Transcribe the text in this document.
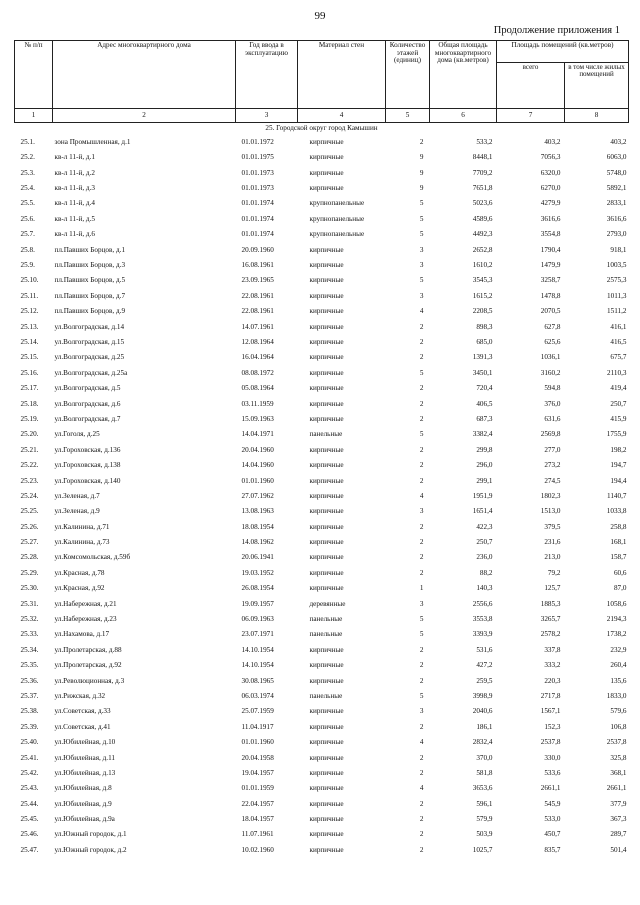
99
Продолжение приложения 1
№ п/п	Адрес многоквартирного дома	Год ввода в эксплуатацию	Материал стен	Количество этажей (единиц)	Общая площадь многоквартирного дома (кв.метров)	Площадь помещений (кв.метров)	
						всего	в том числе жилых помещений
1	2	3	4	5	6	7	8
25. Городской округ город Камышин							
25.1.	зона Промышленная, д.1	01.01.1972	кирпичные	2	533,2	403,2	403,2
25.2.	кв-л 11-й, д.1	01.01.1975	кирпичные	9	8448,1	7056,3	6063,0
25.3.	кв-л 11-й, д.2	01.01.1973	кирпичные	9	7709,2	6320,0	5748,0
25.4.	кв-л 11-й, д.3	01.01.1973	кирпичные	9	7651,8	6270,0	5892,1
25.5.	кв-л 11-й, д.4	01.01.1974	крупнопанельные	5	5023,6	4279,9	2833,1
25.6.	кв-л 11-й, д.5	01.01.1974	крупнопанельные	5	4589,6	3616,6	3616,6
25.7.	кв-л 11-й, д.6	01.01.1974	крупнопанельные	5	4492,3	3554,8	2793,0
25.8.	пл.Павших Борцов, д.1	20.09.1960	кирпичные	3	2652,8	1790,4	918,1
25.9.	пл.Павших Борцов, д.3	16.08.1961	кирпичные	3	1610,2	1479,9	1003,5
25.10.	пл.Павших Борцов, д.5	23.09.1965	кирпичные	5	3545,3	3258,7	2575,3
25.11.	пл.Павших Борцов, д.7	22.08.1961	кирпичные	3	1615,2	1478,8	1011,3
25.12.	пл.Павших Борцов, д.9	22.08.1961	кирпичные	4	2208,5	2070,5	1511,2
25.13.	ул.Волгоградская, д.14	14.07.1961	кирпичные	2	898,3	627,8	416,1
25.14.	ул.Волгоградская, д.15	12.08.1964	кирпичные	2	685,0	625,6	416,5
25.15.	ул.Волгоградская, д.25	16.04.1964	кирпичные	2	1391,3	1036,1	675,7
25.16.	ул.Волгоградская, д.25а	08.08.1972	кирпичные	5	3450,1	3160,2	2110,3
25.17.	ул.Волгоградская, д.5	05.08.1964	кирпичные	2	720,4	594,8	419,4
25.18.	ул.Волгоградская, д.6	03.11.1959	кирпичные	2	406,5	376,0	250,7
25.19.	ул.Волгоградская, д.7	15.09.1963	кирпичные	2	687,3	631,6	415,9
25.20.	ул.Гоголя, д.25	14.04.1971	панельные	5	3382,4	2569,8	1755,9
25.21.	ул.Гороховская, д.136	20.04.1960	кирпичные	2	299,8	277,0	198,2
25.22.	ул.Гороховская, д.138	14.04.1960	кирпичные	2	296,0	273,2	194,7
25.23.	ул.Гороховская, д.140	01.01.1960	кирпичные	2	299,1	274,5	194,4
25.24.	ул.Зеленая, д.7	27.07.1962	кирпичные	4	1951,9	1802,3	1140,7
25.25.	ул.Зеленая, д.9	13.08.1963	кирпичные	3	1651,4	1513,0	1033,8
25.26.	ул.Калинина, д.71	18.08.1954	кирпичные	2	422,3	379,5	258,8
25.27.	ул.Калинина, д.73	14.08.1962	кирпичные	2	250,7	231,6	168,1
25.28.	ул.Комсомольская, д.59б	20.06.1941	кирпичные	2	236,0	213,0	158,7
25.29.	ул.Красная, д.78	19.03.1952	кирпичные	2	88,2	79,2	60,6
25.30.	ул.Красная, д.92	26.08.1954	кирпичные	1	140,3	125,7	87,0
25.31.	ул.Набережная, д.21	19.09.1957	деревянные	3	2556,6	1885,3	1058,6
25.32.	ул.Набережная, д.23	06.09.1963	панельные	5	3553,8	3265,7	2194,3
25.33.	ул.Нахамова, д.17	23.07.1971	панельные	5	3393,9	2578,2	1738,2
25.34.	ул.Пролетарская, д.88	14.10.1954	кирпичные	2	531,6	337,8	232,9
25.35.	ул.Пролетарская, д.92	14.10.1954	кирпичные	2	427,2	333,2	260,4
25.36.	ул.Революционная, д.3	30.08.1965	кирпичные	2	259,5	220,3	135,6
25.37.	ул.Рижская, д.32	06.03.1974	панельные	5	3998,9	2717,8	1833,0
25.38.	ул.Советская, д.33	25.07.1959	кирпичные	3	2040,6	1567,1	579,6
25.39.	ул.Советская, д.41	11.04.1917	кирпичные	2	186,1	152,3	106,8
25.40.	ул.Юбилейная, д.10	01.01.1960	кирпичные	4	2832,4	2537,8	2537,8
25.41.	ул.Юбилейная, д.11	20.04.1958	кирпичные	2	370,0	330,0	325,8
25.42.	ул.Юбилейная, д.13	19.04.1957	кирпичные	2	581,8	533,6	368,1
25.43.	ул.Юбилейная, д.8	01.01.1959	кирпичные	4	3653,6	2661,1	2661,1
25.44.	ул.Юбилейная, д.9	22.04.1957	кирпичные	2	596,1	545,9	377,9
25.45.	ул.Юбилейная, д.9а	18.04.1957	кирпичные	2	579,9	533,0	367,3
25.46.	ул.Южный городок, д.1	11.07.1961	кирпичные	2	503,9	450,7	289,7
25.47.	ул.Южный городок, д.2	10.02.1960	кирпичные	2	1025,7	835,7	501,4
